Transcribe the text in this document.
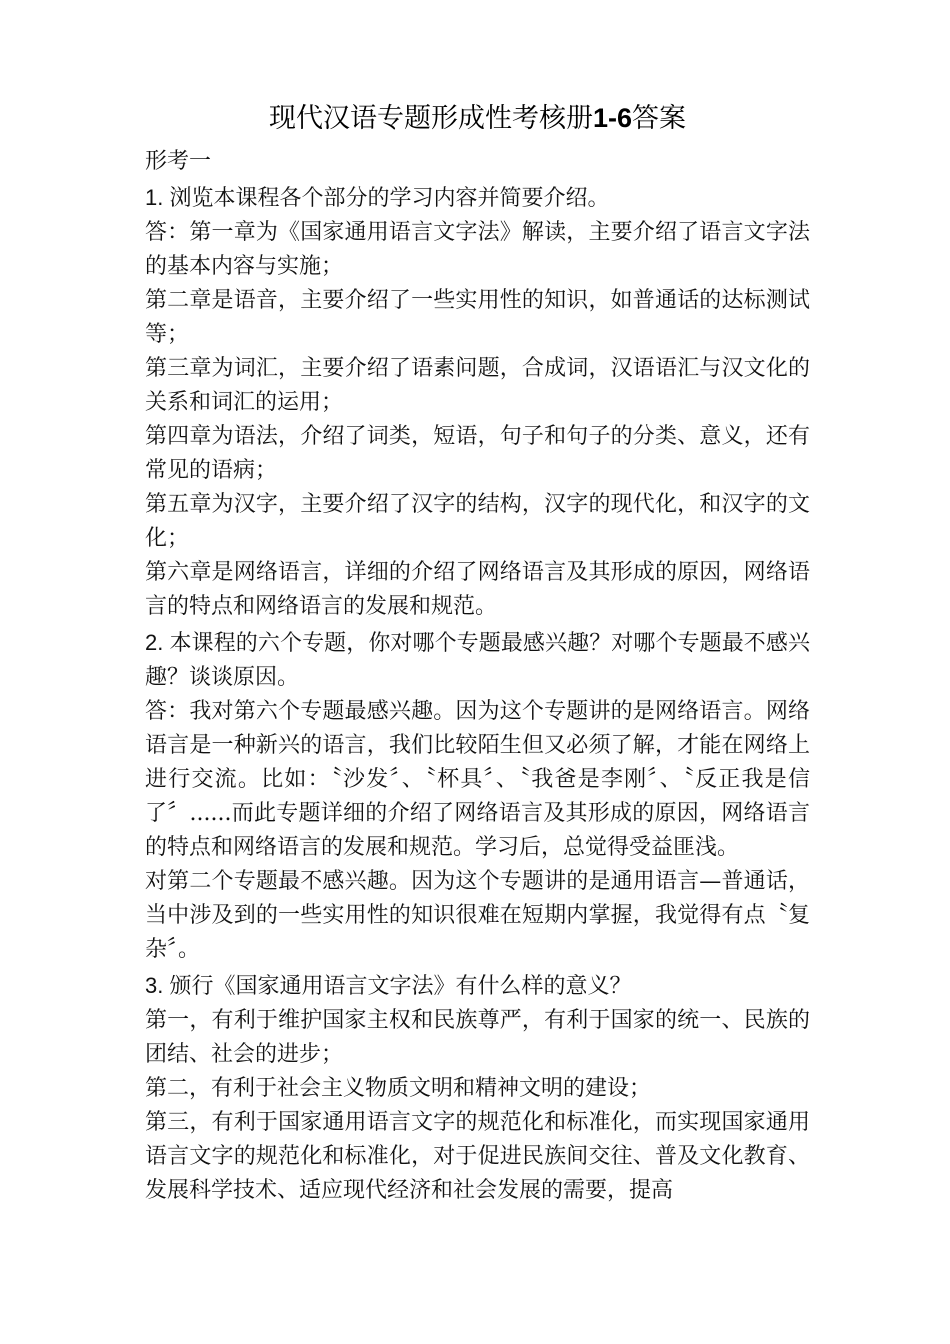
现代汉语专题形成性考核册1-6答案

形考一

1. 浏览本课程各个部分的学习内容并简要介绍。

答：第一章为《国家通用语言文字法》解读，主要介绍了语言文字法的基本内容与实施；

第二章是语音，主要介绍了一些实用性的知识，如普通话的达标测试等；

第三章为词汇，主要介绍了语素问题，合成词，汉语语汇与汉文化的关系和词汇的运用；

第四章为语法，介绍了词类，短语，句子和句子的分类、意义，还有常见的语病；

第五章为汉字，主要介绍了汉字的结构，汉字的现代化，和汉字的文化；

第六章是网络语言，详细的介绍了网络语言及其形成的原因，网络语言的特点和网络语言的发展和规范。

2. 本课程的六个专题，你对哪个专题最感兴趣？对哪个专题最不感兴趣？谈谈原因。

答：我对第六个专题最感兴趣。因为这个专题讲的是网络语言。网络语言是一种新兴的语言，我们比较陌生但又必须了解，才能在网络上进行交流。比如：〝沙发〞、〝杯具〞、〝我爸是李刚〞、〝反正我是信了〞......而此专题详细的介绍了网络语言及其形成的原因，网络语言的特点和网络语言的发展和规范。学习后，总觉得受益匪浅。

对第二个专题最不感兴趣。因为这个专题讲的是通用语言—普通话，当中涉及到的一些实用性的知识很难在短期内掌握，我觉得有点〝复杂〞。

3. 颁行《国家通用语言文字法》有什么样的意义？

第一，有利于维护国家主权和民族尊严，有利于国家的统一、民族的团结、社会的进步；

第二，有利于社会主义物质文明和精神文明的建设；

第三，有利于国家通用语言文字的规范化和标准化，而实现国家通用语言文字的规范化和标准化，对于促进民族间交往、普及文化教育、发展科学技术、适应现代经济和社会发展的需要，提高
